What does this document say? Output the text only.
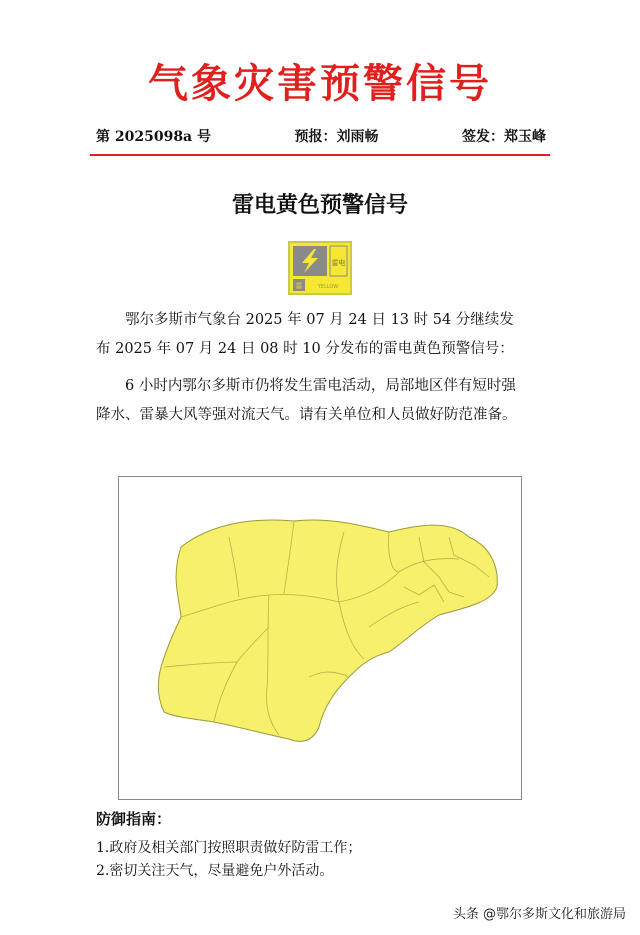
气象灾害预警信号
第 2025098a 号	预报：刘雨畅	签发：郑玉峰
雷电黄色预警信号
雷电
雷	YELLOW

鄂尔多斯市气象台 2025 年 07 月 24 日 13 时 54 分继续发布 2025 年 07 月 24 日 08 时 10 分发布的雷电黄色预警信号：

6 小时内鄂尔多斯市仍将发生雷电活动，局部地区伴有短时强降水、雷暴大风等强对流天气。请有关单位和人员做好防范准备。

防御指南：
1.政府及相关部门按照职责做好防雷工作；
2.密切关注天气，尽量避免户外活动。
头条 @鄂尔多斯文化和旅游局
